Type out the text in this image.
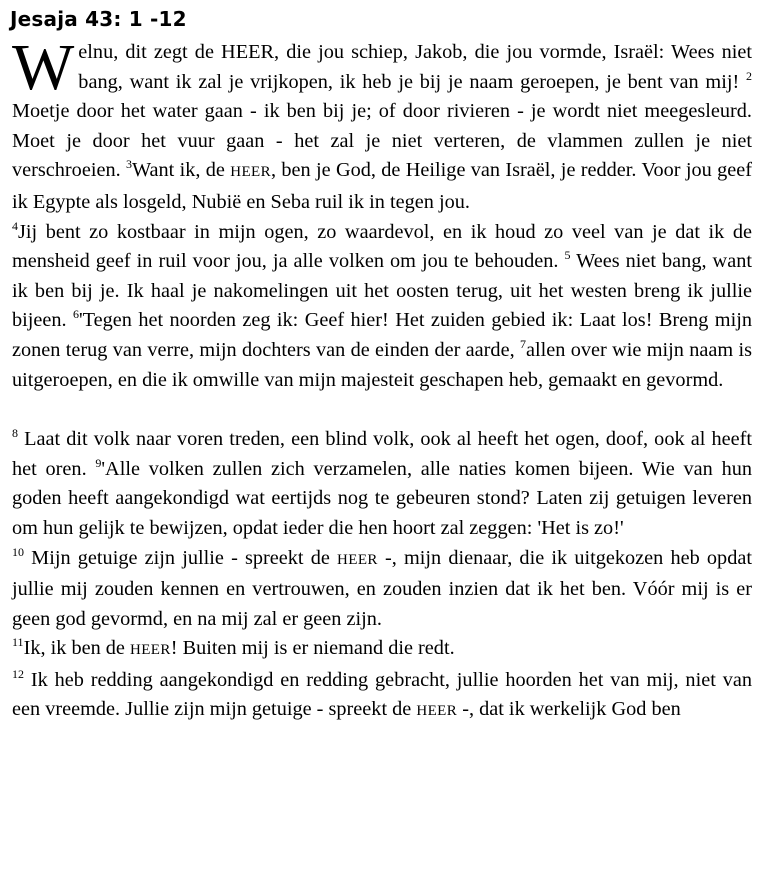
Jesaja 43: 1 -12

Welnu, dit zegt de HEER, die jou schiep, Jakob, die jou vormde, Israël: Wees niet bang, want ik zal je vrijkopen, ik heb je bij je naam geroepen, je bent van mij! $^2$ Moetje door het water gaan - ik ben bij je; of door rivieren - je wordt niet meegesleurd. Moet je door het vuur gaan - het zal je niet verteren, de vlammen zullen je niet verschroeien. $^3$Want ik, de HEER, ben je God, de Heilige van Israël, je redder. Voor jou geef ik Egypte als losgeld, Nubië en Seba ruil ik in tegen jou.

$^4$Jij bent zo kostbaar in mijn ogen, zo waardevol, en ik houd zo veel van je dat ik de mensheid geef in ruil voor jou, ja alle volken om jou te behouden. $^5$ Wees niet bang, want ik ben bij je. Ik haal je nakomelingen uit het oosten terug, uit het westen breng ik jullie bijeen. $^6$'Tegen het noorden zeg ik: Geef hier! Het zuiden gebied ik: Laat los! Breng mijn zonen terug van verre, mijn dochters van de einden der aarde, $^7$allen over wie mijn naam is uitgeroepen, en die ik omwille van mijn majesteit geschapen heb, gemaakt en gevormd.

$^8$ Laat dit volk naar voren treden, een blind volk, ook al heeft het ogen, doof, ook al heeft het oren. $^9$'Alle volken zullen zich verzamelen, alle naties komen bijeen. Wie van hun goden heeft aangekondigd wat eertijds nog te gebeuren stond? Laten zij getuigen leveren om hun gelijk te bewijzen, opdat ieder die hen hoort zal zeggen: 'Het is zo!'

$^{10}$ Mijn getuige zijn jullie - spreekt de HEER -, mijn dienaar, die ik uitgekozen heb opdat jullie mij zouden kennen en vertrouwen, en zouden inzien dat ik het ben. Vóór mij is er geen god gevormd, en na mij zal er geen zijn.

$^{11}$Ik, ik ben de HEER! Buiten mij is er niemand die redt.

$^{12}$ Ik heb redding aangekondigd en redding gebracht, jullie hoorden het van mij, niet van een vreemde. Jullie zijn mijn getuige - spreekt de HEER -, dat ik werkelijk God ben
